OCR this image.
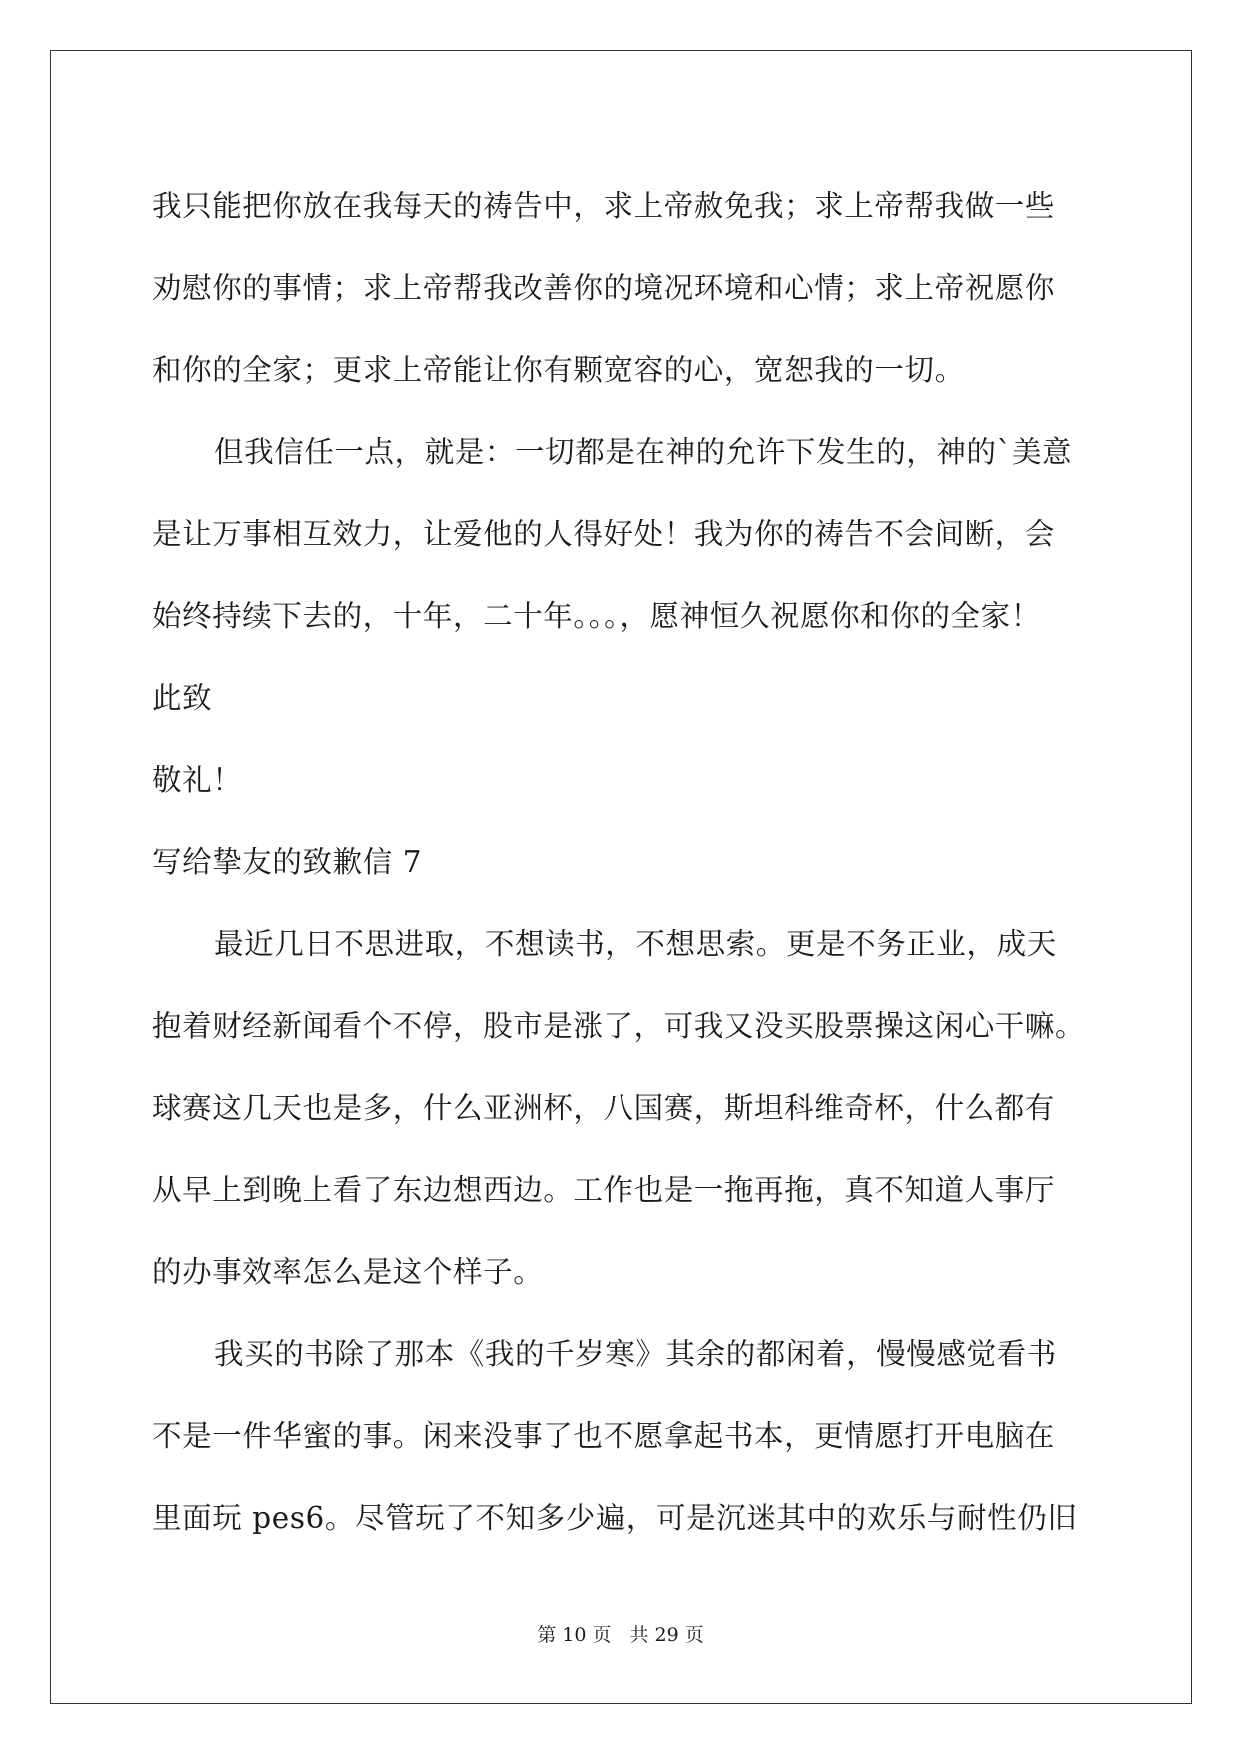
我只能把你放在我每天的祷告中，求上帝赦免我；求上帝帮我做一些
劝慰你的事情；求上帝帮我改善你的境况环境和心情；求上帝祝愿你
和你的全家；更求上帝能让你有颗宽容的心，宽恕我的一切。
但我信任一点，就是：一切都是在神的允许下发生的，神的`美意
是让万事相互效力，让爱他的人得好处！我为你的祷告不会间断，会
始终持续下去的，十年，二十年。。。，愿神恒久祝愿你和你的全家！
此致
敬礼！
写给挚友的致歉信 7
最近几日不思进取，不想读书，不想思索。更是不务正业，成天
抱着财经新闻看个不停，股市是涨了，可我又没买股票操这闲心干嘛。
球赛这几天也是多，什么亚洲杯，八国赛，斯坦科维奇杯，什么都有
从早上到晚上看了东边想西边。工作也是一拖再拖，真不知道人事厅
的办事效率怎么是这个样子。
我买的书除了那本《我的千岁寒》其余的都闲着，慢慢感觉看书
不是一件华蜜的事。闲来没事了也不愿拿起书本，更情愿打开电脑在
里面玩 pes6。尽管玩了不知多少遍，可是沉迷其中的欢乐与耐性仍旧
第 10 页 共 29 页
